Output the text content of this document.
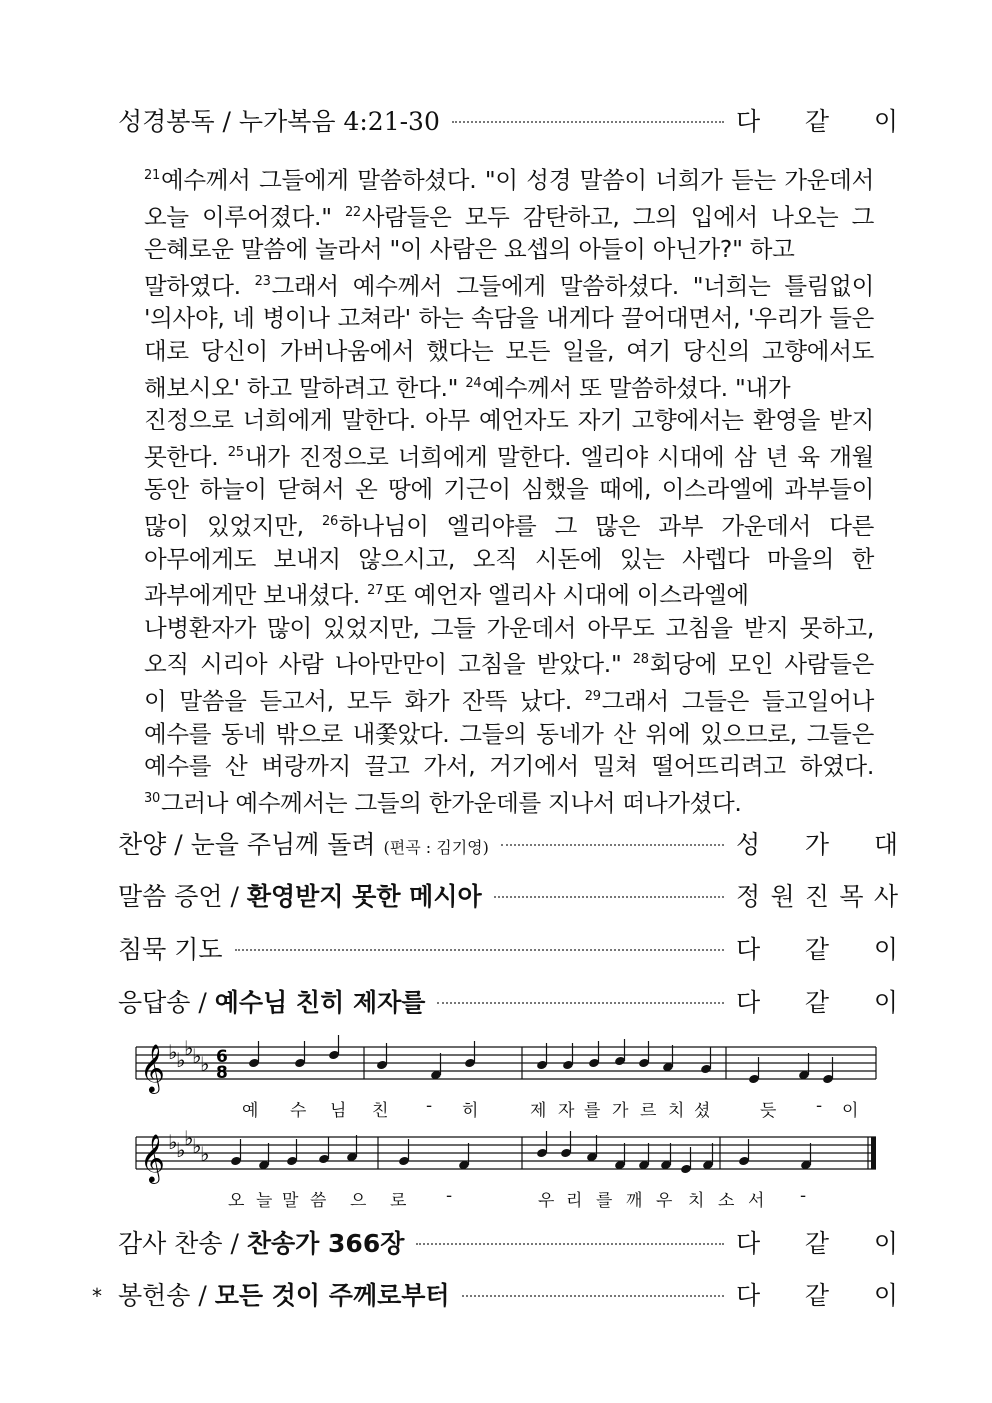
성경봉독 / 누가복음 4:21-30	다 같 이

$^{21}$예수께서 그들에게 말씀하셨다. "이 성경 말씀이 너희가 듣는 가운데서

오늘 이루어졌다." $^{22}$사람들은 모두 감탄하고, 그의 입에서 나오는 그

은혜로운 말씀에 놀라서 "이 사람은 요셉의 아들이 아닌가?" 하고

말하였다. $^{23}$그래서 예수께서 그들에게 말씀하셨다. "너희는 틀림없이

'의사야, 네 병이나 고쳐라' 하는 속담을 내게다 끌어대면서, '우리가 들은

대로 당신이 가버나움에서 했다는 모든 일을, 여기 당신의 고향에서도

해보시오' 하고 말하려고 한다." $^{24}$예수께서 또 말씀하셨다. "내가

진정으로 너희에게 말한다. 아무 예언자도 자기 고향에서는 환영을 받지

못한다. $^{25}$내가 진정으로 너희에게 말한다. 엘리야 시대에 삼 년 육 개월

동안 하늘이 닫혀서 온 땅에 기근이 심했을 때에, 이스라엘에 과부들이

많이 있었지만, $^{26}$하나님이 엘리야를 그 많은 과부 가운데서 다른

아무에게도 보내지 않으시고, 오직 시돈에 있는 사렙다 마을의 한

과부에게만 보내셨다. $^{27}$또 예언자 엘리사 시대에 이스라엘에

나병환자가 많이 있었지만, 그들 가운데서 아무도 고침을 받지 못하고,

오직 시리아 사람 나아만만이 고침을 받았다." $^{28}$회당에 모인 사람들은

이 말씀을 듣고서, 모두 화가 잔뜩 났다. $^{29}$그래서 그들은 들고일어나

예수를 동네 밖으로 내쫓았다. 그들의 동네가 산 위에 있으므로, 그들은

예수를 산 벼랑까지 끌고 가서, 거기에서 밀쳐 떨어뜨리려고 하였다.

$^{30}$그러나 예수께서는 그들의 한가운데를 지나서 떠나가셨다.

찬양 / 눈을 주님께 돌려 (편곡 : 김기영)	성 가 대
말씀 증언 / 환영받지 못한 메시아	정 원 진 목 사
침묵 기도	다 같 이
응답송 / 예수님 친히 제자를	다 같 이
𝄞 ♭
♭
♭
♭
♭ 6
8
예 수 님 친 - 히	제 자 를 가 르 치 셨	듯 - 이
𝄞 ♭
♭
♭
♭
♭
오 늘 말 씀 으 로 -	우 리 를 깨 우 치 소 서 -
감사 찬송 / 찬송가 366장	다 같 이
* 봉헌송 / 모든 것이 주께로부터	다 같 이
